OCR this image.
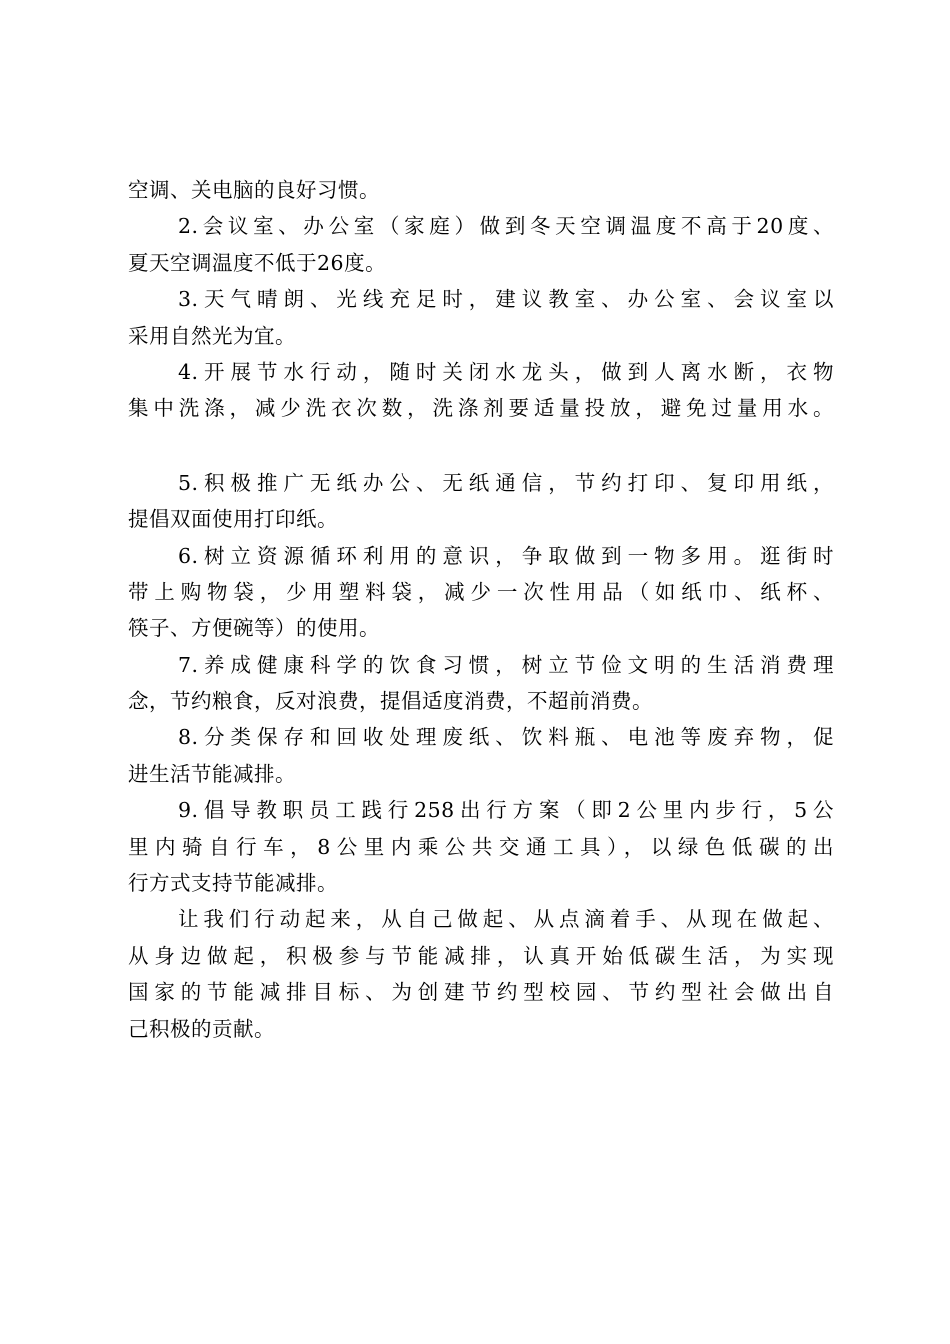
空调、关电脑的良好习惯。
2.会议室、办公室（家庭）做到冬天空调温度不高于20度、
夏天空调温度不低于26度。
3.天气晴朗、光线充足时，建议教室、办公室、会议室以
采用自然光为宜。
4.开展节水行动，随时关闭水龙头，做到人离水断，衣物
集中洗涤，减少洗衣次数，洗涤剂要适量投放，避免过量用水。
5.积极推广无纸办公、无纸通信，节约打印、复印用纸，
提倡双面使用打印纸。
6.树立资源循环利用的意识，争取做到一物多用。逛街时
带上购物袋，少用塑料袋，减少一次性用品（如纸巾、纸杯、
筷子、方便碗等）的使用。
7.养成健康科学的饮食习惯，树立节俭文明的生活消费理
念，节约粮食，反对浪费，提倡适度消费，不超前消费。
8.分类保存和回收处理废纸、饮料瓶、电池等废弃物，促
进生活节能减排。
9.倡导教职员工践行258出行方案（即2公里内步行，5公
里内骑自行车，8公里内乘公共交通工具），以绿色低碳的出
行方式支持节能减排。
让我们行动起来，从自己做起、从点滴着手、从现在做起、
从身边做起，积极参与节能减排，认真开始低碳生活，为实现
国家的节能减排目标、为创建节约型校园、节约型社会做出自
己积极的贡献。
